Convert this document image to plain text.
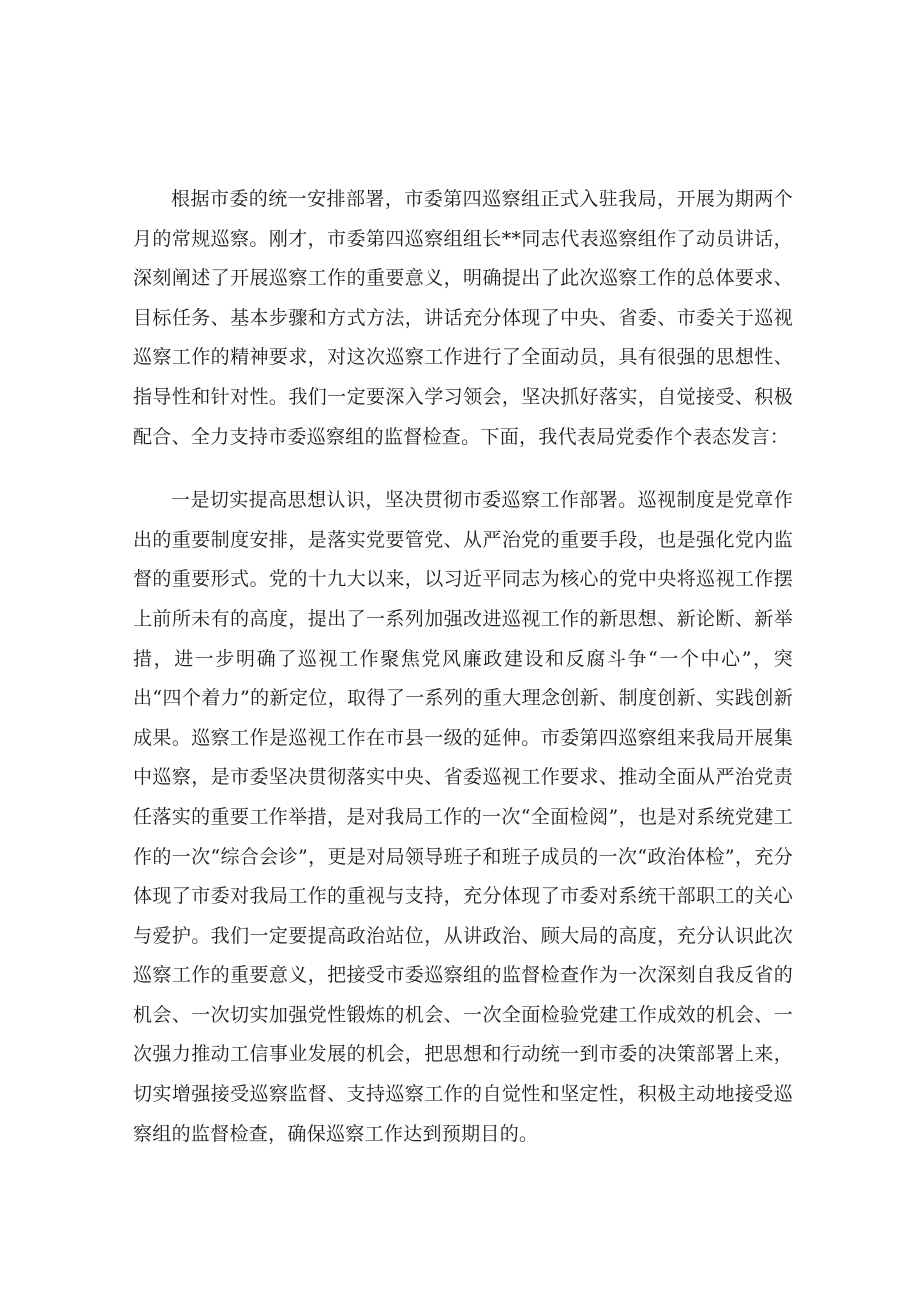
根据市委的统一安排部署，市委第四巡察组正式入驻我局，开展为期两个月的常规巡察。刚才，市委第四巡察组组长**同志代表巡察组作了动员讲话，深刻阐述了开展巡察工作的重要意义，明确提出了此次巡察工作的总体要求、目标任务、基本步骤和方式方法，讲话充分体现了中央、省委、市委关于巡视巡察工作的精神要求，对这次巡察工作进行了全面动员，具有很强的思想性、指导性和针对性。我们一定要深入学习领会，坚决抓好落实，自觉接受、积极配合、全力支持市委巡察组的监督检查。下面，我代表局党委作个表态发言：

一是切实提高思想认识，坚决贯彻市委巡察工作部署。巡视制度是党章作出的重要制度安排，是落实党要管党、从严治党的重要手段，也是强化党内监督的重要形式。党的十九大以来，以习近平同志为核心的党中央将巡视工作摆上前所未有的高度，提出了一系列加强改进巡视工作的新思想、新论断、新举措，进一步明确了巡视工作聚焦党风廉政建设和反腐斗争“一个中心”，突出“四个着力”的新定位，取得了一系列的重大理念创新、制度创新、实践创新成果。巡察工作是巡视工作在市县一级的延伸。市委第四巡察组来我局开展集中巡察，是市委坚决贯彻落实中央、省委巡视工作要求、推动全面从严治党责任落实的重要工作举措，是对我局工作的一次“全面检阅”，也是对系统党建工作的一次“综合会诊”，更是对局领导班子和班子成员的一次“政治体检”，充分体现了市委对我局工作的重视与支持，充分体现了市委对系统干部职工的关心与爱护。我们一定要提高政治站位，从讲政治、顾大局的高度，充分认识此次巡察工作的重要意义，把接受市委巡察组的监督检查作为一次深刻自我反省的机会、一次切实加强党性锻炼的机会、一次全面检验党建工作成效的机会、一次强力推动工信事业发展的机会，把思想和行动统一到市委的决策部署上来，切实增强接受巡察监督、支持巡察工作的自觉性和坚定性，积极主动地接受巡察组的监督检查，确保巡察工作达到预期目的。
